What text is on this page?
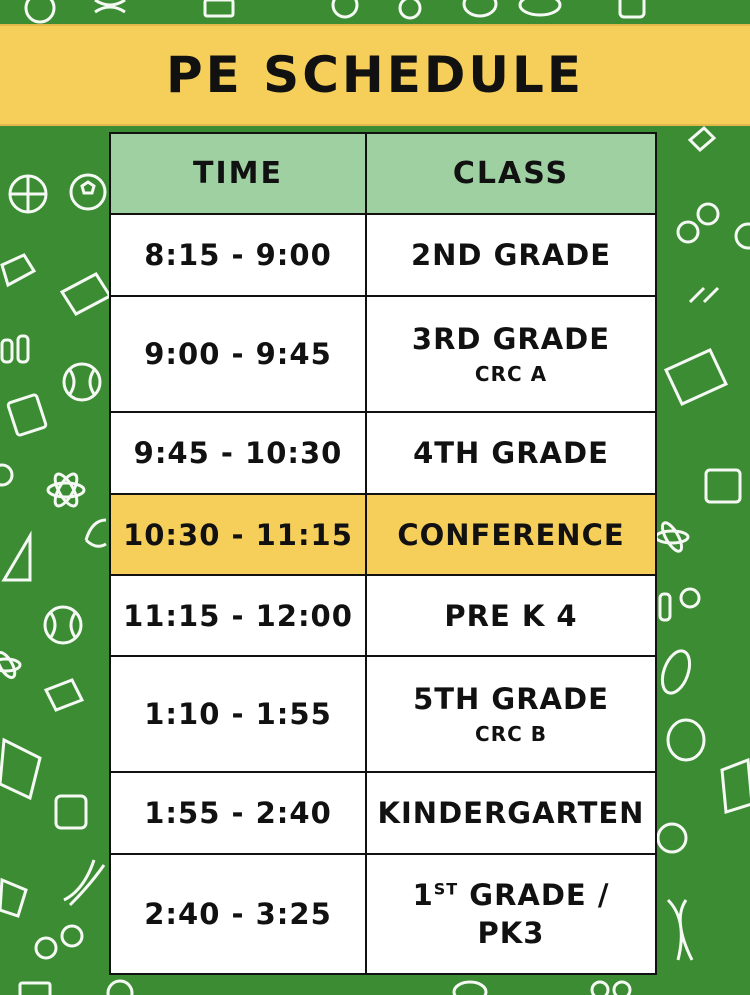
PE SCHEDULE
TIME	CLASS
8:15 - 9:00	2ND GRADE
9:00 - 9:45	3RD GRADE
CRC A

9:45 - 10:30	4TH GRADE
10:30 - 11:15	CONFERENCE
11:15 - 12:00	PRE K 4
1:10 - 1:55	5TH GRADE
CRC B

1:55 - 2:40	KINDERGARTEN
2:40 - 3:25	1ST GRADE /
PK3
